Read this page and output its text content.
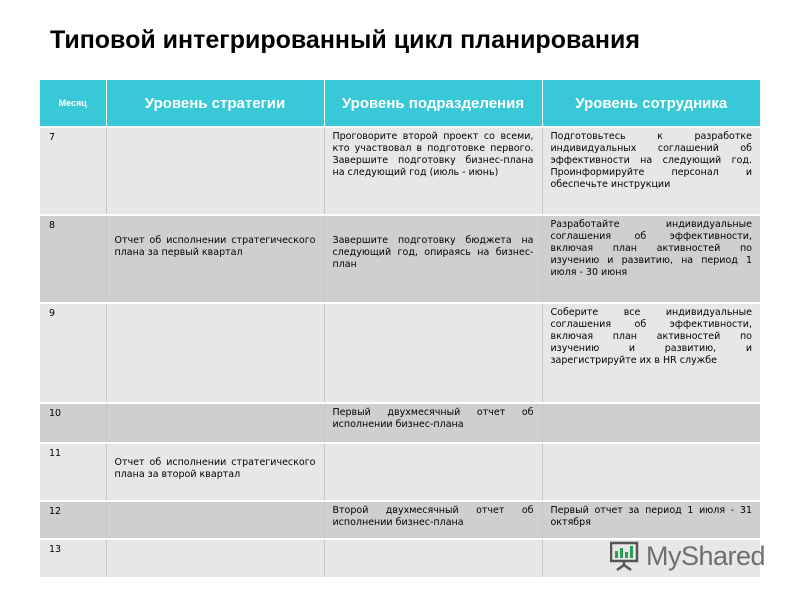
Типовой интегрированный цикл планирования
Месяц	Уровень стратегии	Уровень подразделения	Уровень сотрудника
7		Проговорите второй проект со всеми, кто участвовал в подготовке первого. Завершите подготовку бизнес-плана на следующий год (июль - июнь)	Подготовьтесь к разработке индивидуальных соглашений об эффективности на следующий год. Проинформируйте персонал и обеспечьте инструкции

8	Отчет об исполнении стратегического плана за первый квартал	Завершите подготовку бюджета на следующий год, опираясь на бизнес-план	Разработайте индивидуальные соглашения об эффективности, включая план активностей по изучению и развитию, на период 1 июля - 30 июня

9			Соберите все индивидуальные соглашения об эффективности, включая план активностей по изучению и развитию, и зарегистрируйте их в HR службе

10		Первый двухмесячный отчет об исполнении бизнес-плана	

11	Отчет об исполнении стратегического плана за второй квартал		

12		Второй двухмесячный отчет об исполнении бизнес-плана	Первый отчет за период 1 июля - 31 октября

13	

		MyShared
